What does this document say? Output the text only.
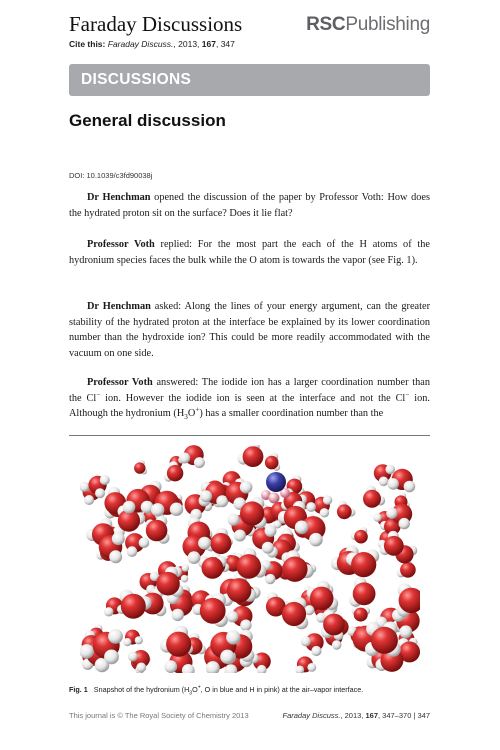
Faraday Discussions	RSCPublishing
Cite this: Faraday Discuss., 2013, 167, 347
DISCUSSIONS
General discussion
DOI: 10.1039/c3fd90038j

Dr Henchman opened the discussion of the paper by Professor Voth: How does the hydrated proton sit on the surface? Does it lie flat?

Professor Voth replied: For the most part the each of the H atoms of the hydronium species faces the bulk while the O atom is towards the vapor (see Fig. 1).

Dr Henchman asked: Along the lines of your energy argument, can the greater stability of the hydrated proton at the interface be explained by its lower coordination number than the hydroxide ion? This could be more readily accommodated with the vacuum on one side.

Professor Voth answered: The iodide ion has a larger coordination number than the Cl− ion. However the iodide ion is seen at the interface and not the Cl− ion. Although the hydronium $(H_3O^+)$ has a smaller coordination number than the

Fig. 1 Snapshot of the hydronium ($H_3O^+$, O in blue and H in pink) at the air–vapor interface.
This journal is © The Royal Society of Chemistry 2013	Faraday Discuss., 2013, 167, 347–370 | 347
